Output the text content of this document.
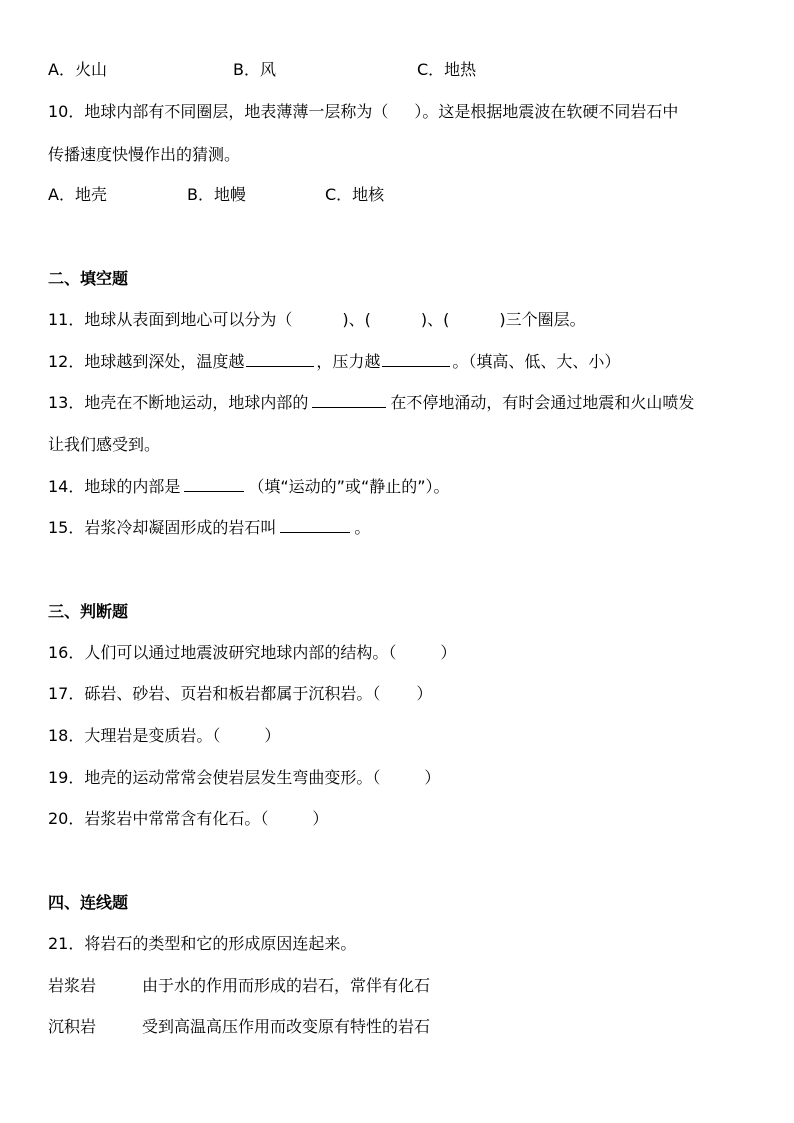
A．火山	B．风	C．地热
10．地球内部有不同圈层，地表薄薄一层称为（ ）。这是根据地震波在软硬不同岩石中
传播速度快慢作出的猜测。
A．地壳	B．地幔	C．地核
二、填空题
11．地球从表面到地心可以分为（	)、(	)、(	)三个圈层。
12．地球越到深处，温度越	，压力越	。（填高、低、大、小）
13．地壳在不断地运动，地球内部的	在不停地涌动，有时会通过地震和火山喷发
让我们感受到。
14．地球的内部是	（填“运动的”或“静止的”）。
15．岩浆冷却凝固形成的岩石叫	。
三、判断题
16．人们可以通过地震波研究地球内部的结构。（	）
17．砾岩、砂岩、页岩和板岩都属于沉积岩。（ ）
18．大理岩是变质岩。（	）
19．地壳的运动常常会使岩层发生弯曲变形。（	）
20．岩浆岩中常常含有化石。（	）
四、连线题
21．将岩石的类型和它的形成原因连起来。
岩浆岩	由于水的作用而形成的岩石，常伴有化石
沉积岩	受到高温高压作用而改变原有特性的岩石
